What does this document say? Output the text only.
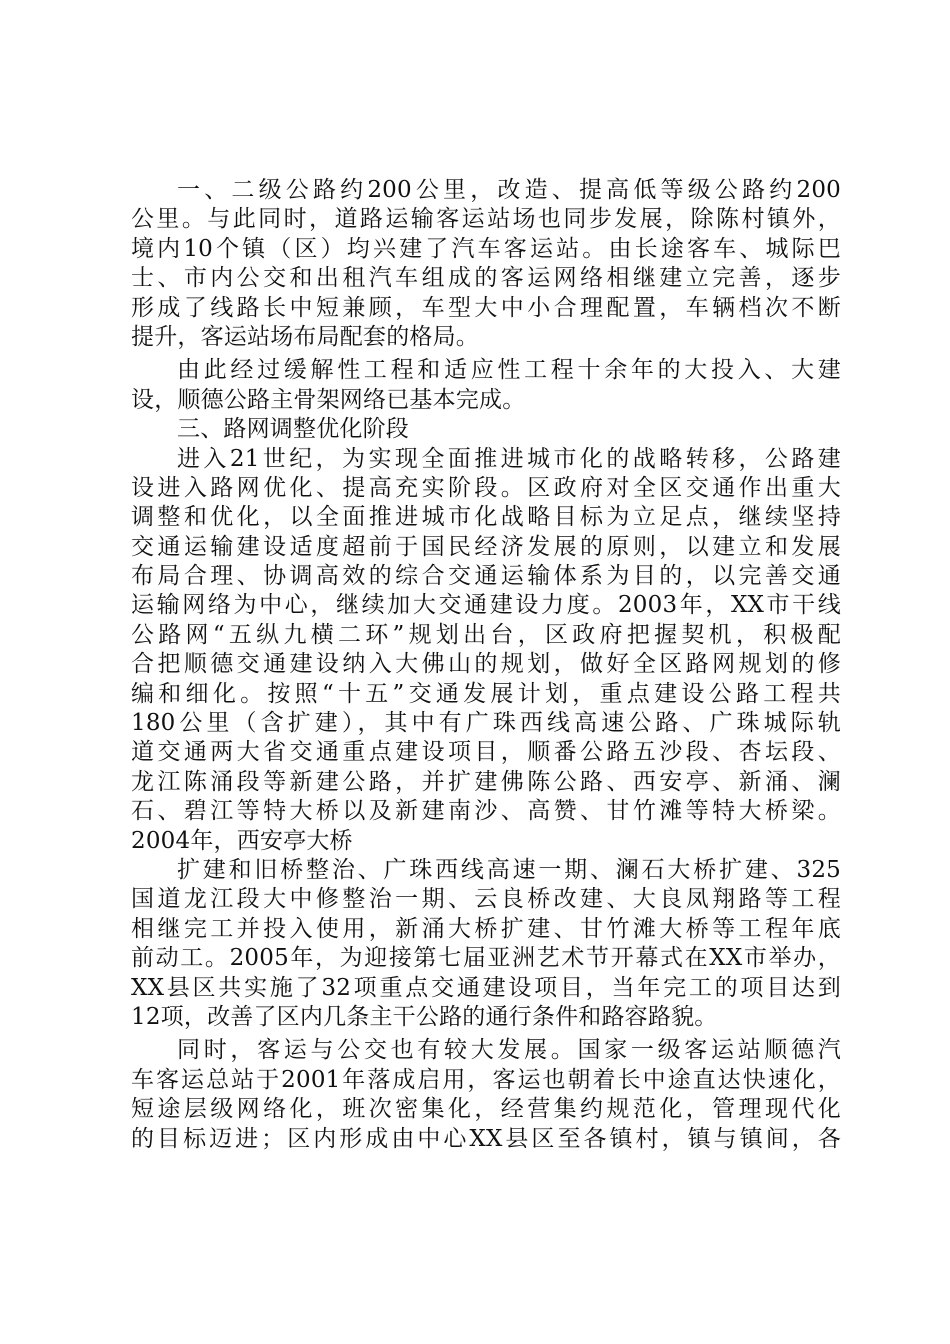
一、二级公路约200公里，改造、提高低等级公路约200
公里。与此同时，道路运输客运站场也同步发展，除陈村镇外，
境内10个镇（区）均兴建了汽车客运站。由长途客车、城际巴
士、市内公交和出租汽车组成的客运网络相继建立完善，逐步
形成了线路长中短兼顾，车型大中小合理配置，车辆档次不断
提升，客运站场布局配套的格局。
由此经过缓解性工程和适应性工程十余年的大投入、大建
设，顺德公路主骨架网络已基本完成。
三、路网调整优化阶段
进入21世纪，为实现全面推进城市化的战略转移，公路建
设进入路网优化、提高充实阶段。区政府对全区交通作出重大
调整和优化，以全面推进城市化战略目标为立足点，继续坚持
交通运输建设适度超前于国民经济发展的原则，以建立和发展
布局合理、协调高效的综合交通运输体系为目的，以完善交通
运输网络为中心，继续加大交通建设力度。2003年，XX市干线
公路网“五纵九横二环”规划出台，区政府把握契机，积极配
合把顺德交通建设纳入大佛山的规划，做好全区路网规划的修
编和细化。按照“十五”交通发展计划，重点建设公路工程共
180公里（含扩建），其中有广珠西线高速公路、广珠城际轨
道交通两大省交通重点建设项目，顺番公路五沙段、杏坛段、
龙江陈涌段等新建公路，并扩建佛陈公路、西安亭、新涌、澜
石、碧江等特大桥以及新建南沙、高赞、甘竹滩等特大桥梁。
2004年，西安亭大桥
扩建和旧桥整治、广珠西线高速一期、澜石大桥扩建、325
国道龙江段大中修整治一期、云良桥改建、大良凤翔路等工程
相继完工并投入使用，新涌大桥扩建、甘竹滩大桥等工程年底
前动工。2005年，为迎接第七届亚洲艺术节开幕式在XX市举办，
XX县区共实施了32项重点交通建设项目，当年完工的项目达到
12项，改善了区内几条主干公路的通行条件和路容路貌。
同时，客运与公交也有较大发展。国家一级客运站顺德汽
车客运总站于2001年落成启用，客运也朝着长中途直达快速化，
短途层级网络化，班次密集化，经营集约规范化，管理现代化
的目标迈进；区内形成由中心XX县区至各镇村，镇与镇间，各
